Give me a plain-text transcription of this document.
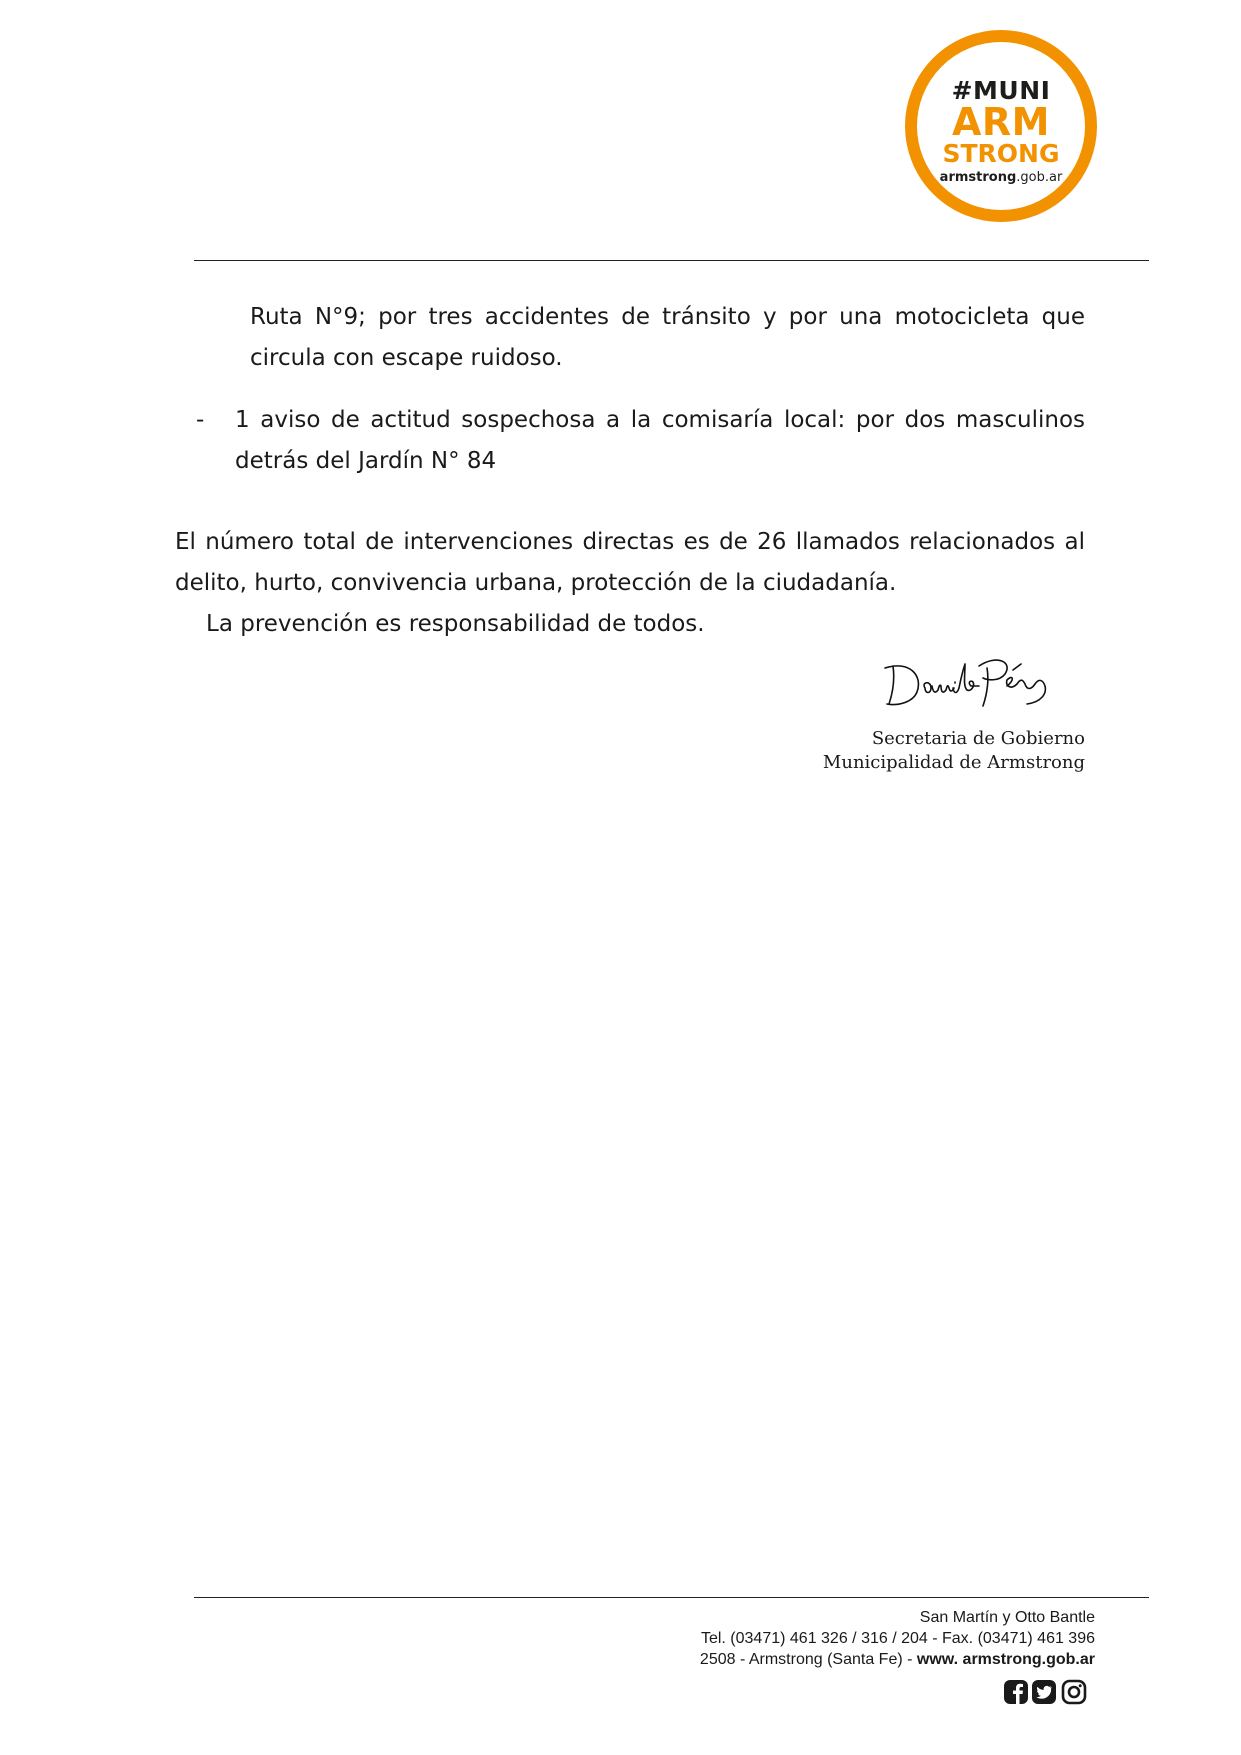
#MUNI
ARM
STRONG
armstrong.gob.ar
Ruta N°9; por tres accidentes de tránsito y por una motocicleta que circula con escape ruidoso.
- 1 aviso de actitud sospechosa a la comisaría local: por dos masculinos detrás del Jardín N° 84
El número total de intervenciones directas es de 26 llamados relacionados al delito, hurto, convivencia urbana, protección de la ciudadanía.
La prevención es responsabilidad de todos.
Secretaria de Gobierno
Municipalidad de Armstrong
San Martín y Otto Bantle
Tel. (03471) 461 326 / 316 / 204 - Fax. (03471) 461 396
2508 - Armstrong (Santa Fe) - www. armstrong.gob.ar
